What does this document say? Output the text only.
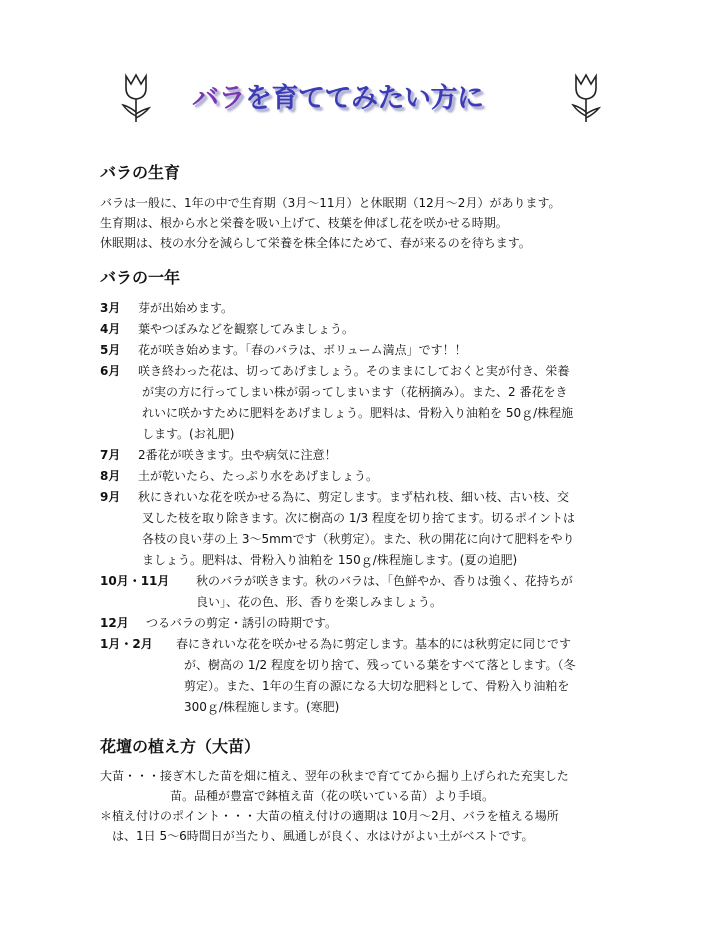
バラを育ててみたい方に
バラの生育
バラは一般に、1年の中で生育期（3月～11月）と休眠期（12月～2月）があります。
生育期は、根から水と栄養を吸い上げて、枝葉を伸ばし花を咲かせる時期。
休眠期は、枝の水分を減らして栄養を株全体にためて、春が来るのを待ちます。
バラの一年
3月 芽が出始めます。
4月 葉やつぼみなどを観察してみましょう。
5月 花が咲き始めます。「春のバラは、ボリューム満点」です！！
6月 咲き終わった花は、切ってあげましょう。そのままにしておくと実が付き、栄養
が実の方に行ってしまい株が弱ってしまいます（花柄摘み）。また、2 番花をき
れいに咲かすために肥料をあげましょう。肥料は、骨粉入り油粕を 50ｇ/株程施
します。(お礼肥)
7月 2番花が咲きます。虫や病気に注意！
8月 土が乾いたら、たっぷり水をあげましょう。
9月 秋にきれいな花を咲かせる為に、剪定します。まず枯れ枝、細い枝、古い枝、交
叉した枝を取り除きます。次に樹高の 1/3 程度を切り捨てます。切るポイントは
各枝の良い芽の上 3～5mmです（秋剪定）。また、秋の開花に向けて肥料をやり
ましょう。肥料は、骨粉入り油粕を 150ｇ/株程施します。(夏の追肥)
10月・11月 秋のバラが咲きます。秋のバラは、「色鮮やか、香りは強く、花持ちが
良い」、花の色、形、香りを楽しみましょう。
12月 つるバラの剪定・誘引の時期です。
1月・2月 春にきれいな花を咲かせる為に剪定します。基本的には秋剪定に同じです
が、樹高の 1/2 程度を切り捨て、残っている葉をすべて落とします。（冬
剪定）。また、1年の生育の源になる大切な肥料として、骨粉入り油粕を
300ｇ/株程施します。(寒肥)
花壇の植え方（大苗）
大苗・・・接ぎ木した苗を畑に植え、翌年の秋まで育ててから掘り上げられた充実した
苗。品種が豊富で鉢植え苗（花の咲いている苗）より手頃。
＊植え付けのポイント・・・大苗の植え付けの適期は 10月～2月、バラを植える場所
は、1日 5～6時間日が当たり、風通しが良く、水はけがよい土がベストです。
